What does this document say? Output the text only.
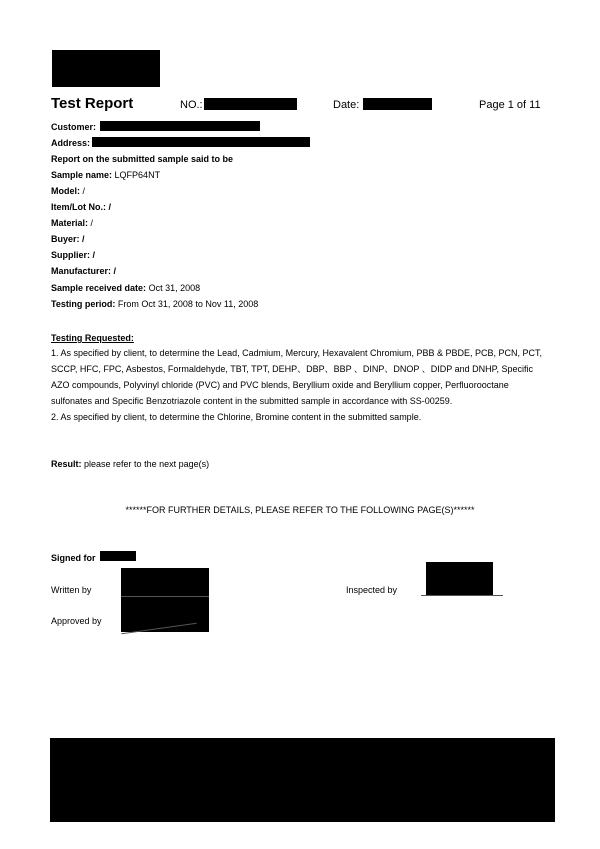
Test Report	NO.:	Date:	Page 1 of 11
Customer:
Address:
Report on the submitted sample said to be
Sample name: LQFP64NT
Model: /
Item/Lot No.: /
Material: /
Buyer: /
Supplier: /
Manufacturer: /
Sample received date: Oct 31, 2008
Testing period: From Oct 31, 2008 to Nov 11, 2008
Testing Requested:
1. As specified by client, to determine the Lead, Cadmium, Mercury, Hexavalent Chromium, PBB & PBDE, PCB, PCN, PCT, SCCP, HFC, FPC, Asbestos, Formaldehyde, TBT, TPT, DEHP、DBP、BBP 、DINP、DNOP 、DIDP and DNHP, Specific AZO compounds, Polyvinyl chloride (PVC) and PVC blends, Beryllium oxide and Beryllium copper, Perfluorooctane sulfonates and Specific Benzotriazole content in the submitted sample in accordance with SS-00259.
2. As specified by client, to determine the Chlorine, Bromine content in the submitted sample.
Result: please refer to the next page(s)
******FOR FURTHER DETAILS, PLEASE REFER TO THE FOLLOWING PAGE(S)******
Signed for
Written by	Inspected by
Approved by
